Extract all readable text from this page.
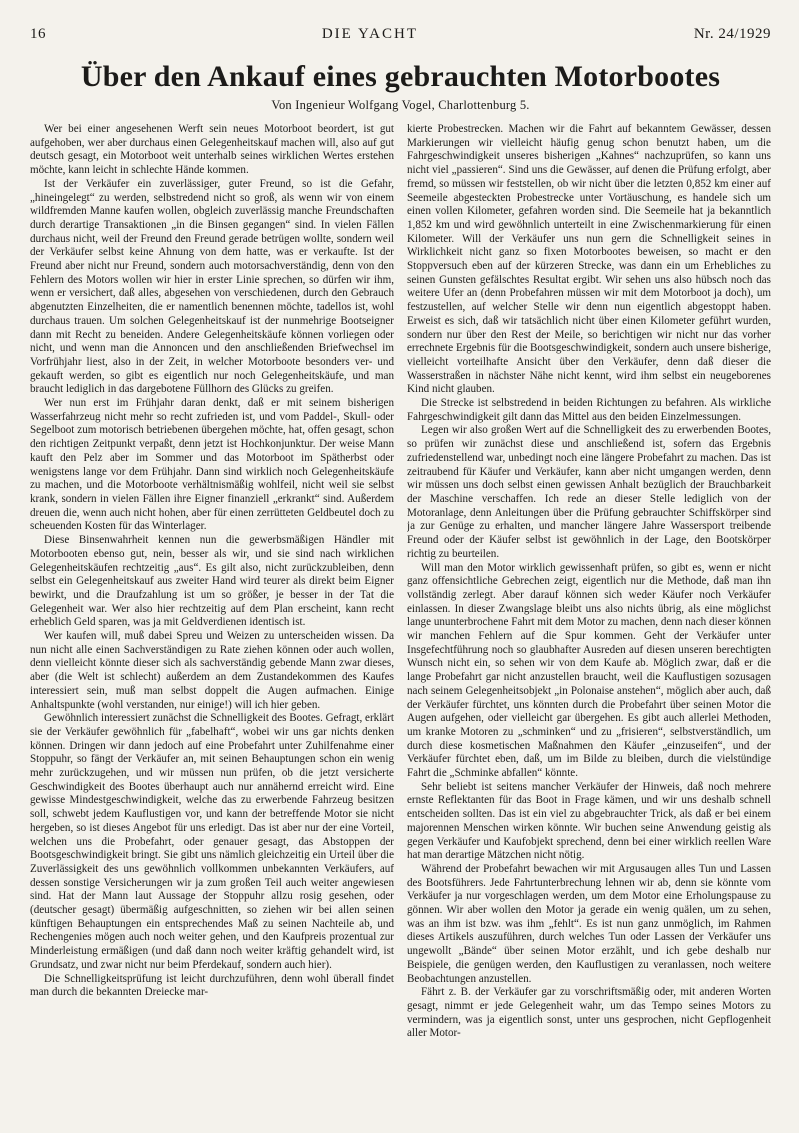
16	DIE YACHT	Nr. 24/1929
Über den Ankauf eines gebrauchten Motorbootes
Von Ingenieur Wolfgang Vogel, Charlottenburg 5.

Wer bei einer angesehenen Werft sein neues Motorboot beordert, ist gut aufgehoben, wer aber durchaus einen Gelegenheitskauf machen will, also auf gut deutsch gesagt, ein Motorboot weit unterhalb seines wirklichen Wertes erstehen möchte, kann leicht in schlechte Hände kommen.

Ist der Verkäufer ein zuverlässiger, guter Freund, so ist die Gefahr, „hineingelegt“ zu werden, selbstredend nicht so groß, als wenn wir von einem wildfremden Manne kaufen wollen, obgleich zuverlässig manche Freundschaften durch derartige Transaktionen „in die Binsen gegangen“ sind. In vielen Fällen durchaus nicht, weil der Freund den Freund gerade betrügen wollte, sondern weil der Verkäufer selbst keine Ahnung von dem hatte, was er verkaufte. Ist der Freund aber nicht nur Freund, sondern auch motorsachverständig, denn von den Fehlern des Motors wollen wir hier in erster Linie sprechen, so dürfen wir ihm, wenn er versichert, daß alles, abgesehen von verschiedenen, durch den Gebrauch abgenutzten Einzelheiten, die er namentlich benennen möchte, tadellos ist, wohl durchaus trauen. Um solchen Gelegenheitskauf ist der nunmehrige Bootseigner dann mit Recht zu beneiden. Andere Gelegenheitskäufe können vorliegen oder nicht, und wenn man die Annoncen und den anschließenden Briefwechsel im Vorfrühjahr liest, also in der Zeit, in welcher Motorboote besonders ver- und gekauft werden, so gibt es eigentlich nur noch Gelegenheitskäufe, und man braucht lediglich in das dargebotene Füllhorn des Glücks zu greifen.

Wer nun erst im Frühjahr daran denkt, daß er mit seinem bisherigen Wasserfahrzeug nicht mehr so recht zufrieden ist, und vom Paddel-, Skull- oder Segelboot zum motorisch betriebenen übergehen möchte, hat, offen gesagt, schon den richtigen Zeitpunkt verpaßt, denn jetzt ist Hochkonjunktur. Der weise Mann kauft den Pelz aber im Sommer und das Motorboot im Spätherbst oder wenigstens lange vor dem Frühjahr. Dann sind wirklich noch Gelegenheitskäufe zu machen, und die Motorboote verhältnismäßig wohlfeil, nicht weil sie selbst krank, sondern in vielen Fällen ihre Eigner finanziell „erkrankt“ sind. Außerdem dreuen die, wenn auch nicht hohen, aber für einen zerrütteten Geldbeutel doch zu scheuenden Kosten für das Winterlager.

Diese Binsenwahrheit kennen nun die gewerbsmäßigen Händler mit Motorbooten ebenso gut, nein, besser als wir, und sie sind nach wirklichen Gelegenheitskäufen rechtzeitig „aus“. Es gilt also, nicht zurückzubleiben, denn selbst ein Gelegenheitskauf aus zweiter Hand wird teurer als direkt beim Eigner bewirkt, und die Draufzahlung ist um so größer, je besser in der Tat die Gelegenheit war. Wer also hier rechtzeitig auf dem Plan erscheint, kann recht erheblich Geld sparen, was ja mit Geldverdienen identisch ist.

Wer kaufen will, muß dabei Spreu und Weizen zu unterscheiden wissen. Da nun nicht alle einen Sachverständigen zu Rate ziehen können oder auch wollen, denn vielleicht könnte dieser sich als sachverständig gebende Mann zwar dieses, aber (die Welt ist schlecht) außerdem an dem Zustandekommen des Kaufes interessiert sein, muß man selbst doppelt die Augen aufmachen. Einige Anhaltspunkte (wohl verstanden, nur einige!) will ich hier geben.

Gewöhnlich interessiert zunächst die Schnelligkeit des Bootes. Gefragt, erklärt sie der Verkäufer gewöhnlich für „fabelhaft“, wobei wir uns gar nichts denken können. Dringen wir dann jedoch auf eine Probefahrt unter Zuhilfenahme einer Stoppuhr, so fängt der Verkäufer an, mit seinen Behauptungen schon ein wenig mehr zurückzugehen, und wir müssen nun prüfen, ob die jetzt versicherte Geschwindigkeit des Bootes überhaupt auch nur annähernd erreicht wird. Eine gewisse Mindestgeschwindigkeit, welche das zu erwerbende Fahrzeug besitzen soll, schwebt jedem Kauflustigen vor, und kann der betreffende Motor sie nicht hergeben, so ist dieses Angebot für uns erledigt. Das ist aber nur der eine Vorteil, welchen uns die Probefahrt, oder genauer gesagt, das Abstoppen der Bootsgeschwindigkeit bringt. Sie gibt uns nämlich gleichzeitig ein Urteil über die Zuverlässigkeit des uns gewöhnlich vollkommen unbekannten Verkäufers, auf dessen sonstige Versicherungen wir ja zum großen Teil auch weiter angewiesen sind. Hat der Mann laut Aussage der Stoppuhr allzu rosig gesehen, oder (deutscher gesagt) übermäßig aufgeschnitten, so ziehen wir bei allen seinen künftigen Behauptungen ein entsprechendes Maß zu seinen Nachteile ab, und Rechengenies mögen auch noch weiter gehen, und den Kaufpreis prozentual zur Minderleistung ermäßigen (und daß dann noch weiter kräftig gehandelt wird, ist Grundsatz, und zwar nicht nur beim Pferdekauf, sondern auch hier).

Die Schnelligkeitsprüfung ist leicht durchzuführen, denn wohl überall findet man durch die bekannten Dreiecke mar-

kierte Probestrecken. Machen wir die Fahrt auf bekanntem Gewässer, dessen Markierungen wir vielleicht häufig genug schon benutzt haben, um die Fahrgeschwindigkeit unseres bisherigen „Kahnes“ nachzuprüfen, so kann uns nicht viel „passieren“. Sind uns die Gewässer, auf denen die Prüfung erfolgt, aber fremd, so müssen wir feststellen, ob wir nicht über die letzten 0,852 km einer auf Seemeile abgesteckten Probestrecke unter Vortäuschung, es handele sich um einen vollen Kilometer, gefahren worden sind. Die Seemeile hat ja bekanntlich 1,852 km und wird gewöhnlich unterteilt in eine Zwischenmarkierung für einen Kilometer. Will der Verkäufer uns nun gern die Schnelligkeit seines in Wirklichkeit nicht ganz so fixen Motorbootes beweisen, so macht er den Stoppversuch eben auf der kürzeren Strecke, was dann ein um Erhebliches zu seinen Gunsten gefälschtes Resultat ergibt. Wir sehen uns also hübsch noch das weitere Ufer an (denn Probefahren müssen wir mit dem Motorboot ja doch), um festzustellen, auf welcher Stelle wir denn nun eigentlich abgestoppt haben. Erweist es sich, daß wir tatsächlich nicht über einen Kilometer geführt wurden, sondern nur über den Rest der Meile, so berichtigen wir nicht nur das vorher errechnete Ergebnis für die Bootsgeschwindigkeit, sondern auch unsere bisherige, vielleicht vorteilhafte Ansicht über den Verkäufer, denn daß dieser die Wasserstraßen in nächster Nähe nicht kennt, wird ihm selbst ein neugeborenes Kind nicht glauben.

Die Strecke ist selbstredend in beiden Richtungen zu befahren. Als wirkliche Fahrgeschwindigkeit gilt dann das Mittel aus den beiden Einzelmessungen.

Legen wir also großen Wert auf die Schnelligkeit des zu erwerbenden Bootes, so prüfen wir zunächst diese und anschließend ist, sofern das Ergebnis zufriedenstellend war, unbedingt noch eine längere Probefahrt zu machen. Das ist zeitraubend für Käufer und Verkäufer, kann aber nicht umgangen werden, denn wir müssen uns doch selbst einen gewissen Anhalt bezüglich der Brauchbarkeit der Maschine verschaffen. Ich rede an dieser Stelle lediglich von der Motoranlage, denn Anleitungen über die Prüfung gebrauchter Schiffskörper sind ja zur Genüge zu erhalten, und mancher längere Jahre Wassersport treibende Freund oder der Käufer selbst ist gewöhnlich in der Lage, den Bootskörper richtig zu beurteilen.

Will man den Motor wirklich gewissenhaft prüfen, so gibt es, wenn er nicht ganz offensichtliche Gebrechen zeigt, eigentlich nur die Methode, daß man ihn vollständig zerlegt. Aber darauf können sich weder Käufer noch Verkäufer einlassen. In dieser Zwangslage bleibt uns also nichts übrig, als eine möglichst lange ununterbrochene Fahrt mit dem Motor zu machen, denn nach dieser können wir manchen Fehlern auf die Spur kommen. Geht der Verkäufer unter Insgefechtführung noch so glaubhafter Ausreden auf diesen unseren berechtigten Wunsch nicht ein, so sehen wir von dem Kaufe ab. Möglich zwar, daß er die lange Probefahrt gar nicht anzustellen braucht, weil die Kauflustigen sozusagen nach seinem Gelegenheitsobjekt „in Polonaise anstehen“, möglich aber auch, daß der Verkäufer fürchtet, uns könnten durch die Probefahrt über seinen Motor die Augen aufgehen, oder vielleicht gar übergehen. Es gibt auch allerlei Methoden, um kranke Motoren zu „schminken“ und zu „frisieren“, selbstverständlich, um durch diese kosmetischen Maßnahmen den Käufer „einzuseifen“, und der Verkäufer fürchtet eben, daß, um im Bilde zu bleiben, durch die vielstündige Fahrt die „Schminke abfallen“ könnte.

Sehr beliebt ist seitens mancher Verkäufer der Hinweis, daß noch mehrere ernste Reflektanten für das Boot in Frage kämen, und wir uns deshalb schnell entscheiden sollten. Das ist ein viel zu abgebrauchter Trick, als daß er bei einem majorennen Menschen wirken könnte. Wir buchen seine Anwendung geistig als gegen Verkäufer und Kaufobjekt sprechend, denn bei einer wirklich reellen Ware hat man derartige Mätzchen nicht nötig.

Während der Probefahrt bewachen wir mit Argusaugen alles Tun und Lassen des Bootsführers. Jede Fahrtunterbrechung lehnen wir ab, denn sie könnte vom Verkäufer ja nur vorgeschlagen werden, um dem Motor eine Erholungspause zu gönnen. Wir aber wollen den Motor ja gerade ein wenig quälen, um zu sehen, was an ihm ist bzw. was ihm „fehlt“. Es ist nun ganz unmöglich, im Rahmen dieses Artikels auszuführen, durch welches Tun oder Lassen der Verkäufer uns ungewollt „Bände“ über seinen Motor erzählt, und ich gebe deshalb nur Beispiele, die genügen werden, den Kauflustigen zu veranlassen, noch weitere Beobachtungen anzustellen.

Fährt z. B. der Verkäufer gar zu vorschriftsmäßig oder, mit anderen Worten gesagt, nimmt er jede Gelegenheit wahr, um das Tempo seines Motors zu vermindern, was ja eigentlich sonst, unter uns gesprochen, nicht Gepflogenheit aller Motor-
